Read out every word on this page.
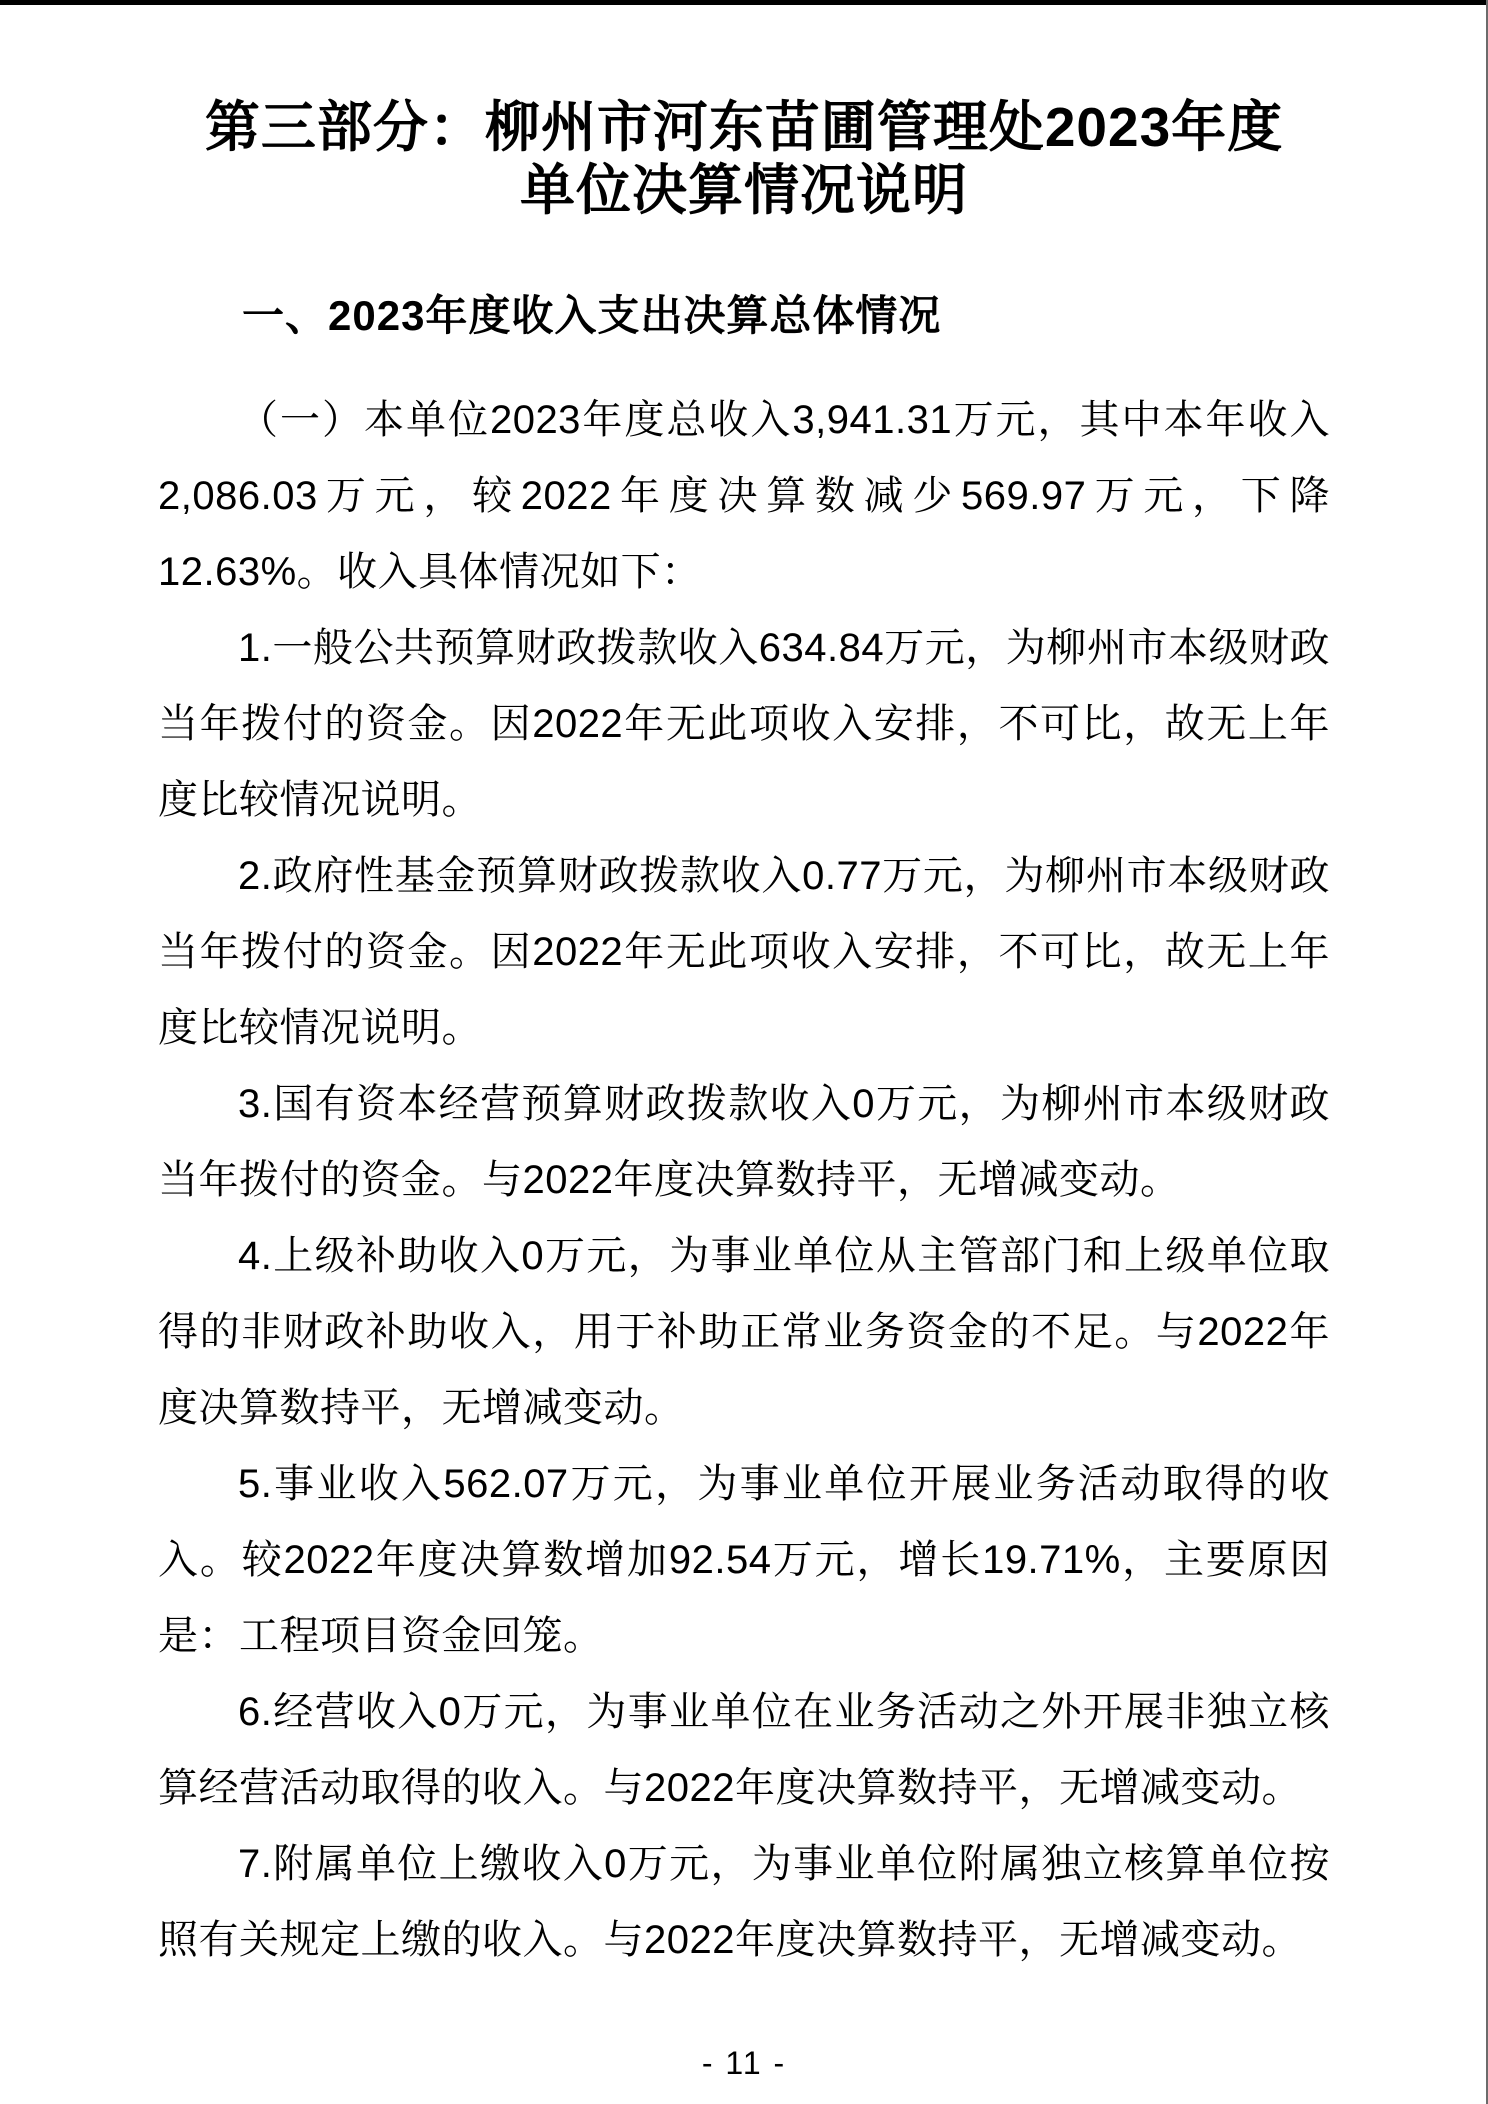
第三部分：柳州市河东苗圃管理处2023年度
单位决算情况说明
一、2023年度收入支出决算总体情况

（一）本单位2023年度总收入3,941.31万元，其中本年收入2,086.03万元，较2022年度决算数减少569.97万元，下降12.63%。收入具体情况如下：

1.一般公共预算财政拨款收入634.84万元，为柳州市本级财政当年拨付的资金。因2022年无此项收入安排，不可比，故无上年度比较情况说明。

2.政府性基金预算财政拨款收入0.77万元，为柳州市本级财政当年拨付的资金。因2022年无此项收入安排，不可比，故无上年度比较情况说明。

3.国有资本经营预算财政拨款收入0万元，为柳州市本级财政当年拨付的资金。与2022年度决算数持平，无增减变动。

4.上级补助收入0万元，为事业单位从主管部门和上级单位取得的非财政补助收入，用于补助正常业务资金的不足。与2022年度决算数持平，无增减变动。

5.事业收入562.07万元，为事业单位开展业务活动取得的收入。较2022年度决算数增加92.54万元，增长19.71%，主要原因是：工程项目资金回笼。

6.经营收入0万元，为事业单位在业务活动之外开展非独立核算经营活动取得的收入。与2022年度决算数持平，无增减变动。

7.附属单位上缴收入0万元，为事业单位附属独立核算单位按照有关规定上缴的收入。与2022年度决算数持平，无增减变动。

- 11 -
